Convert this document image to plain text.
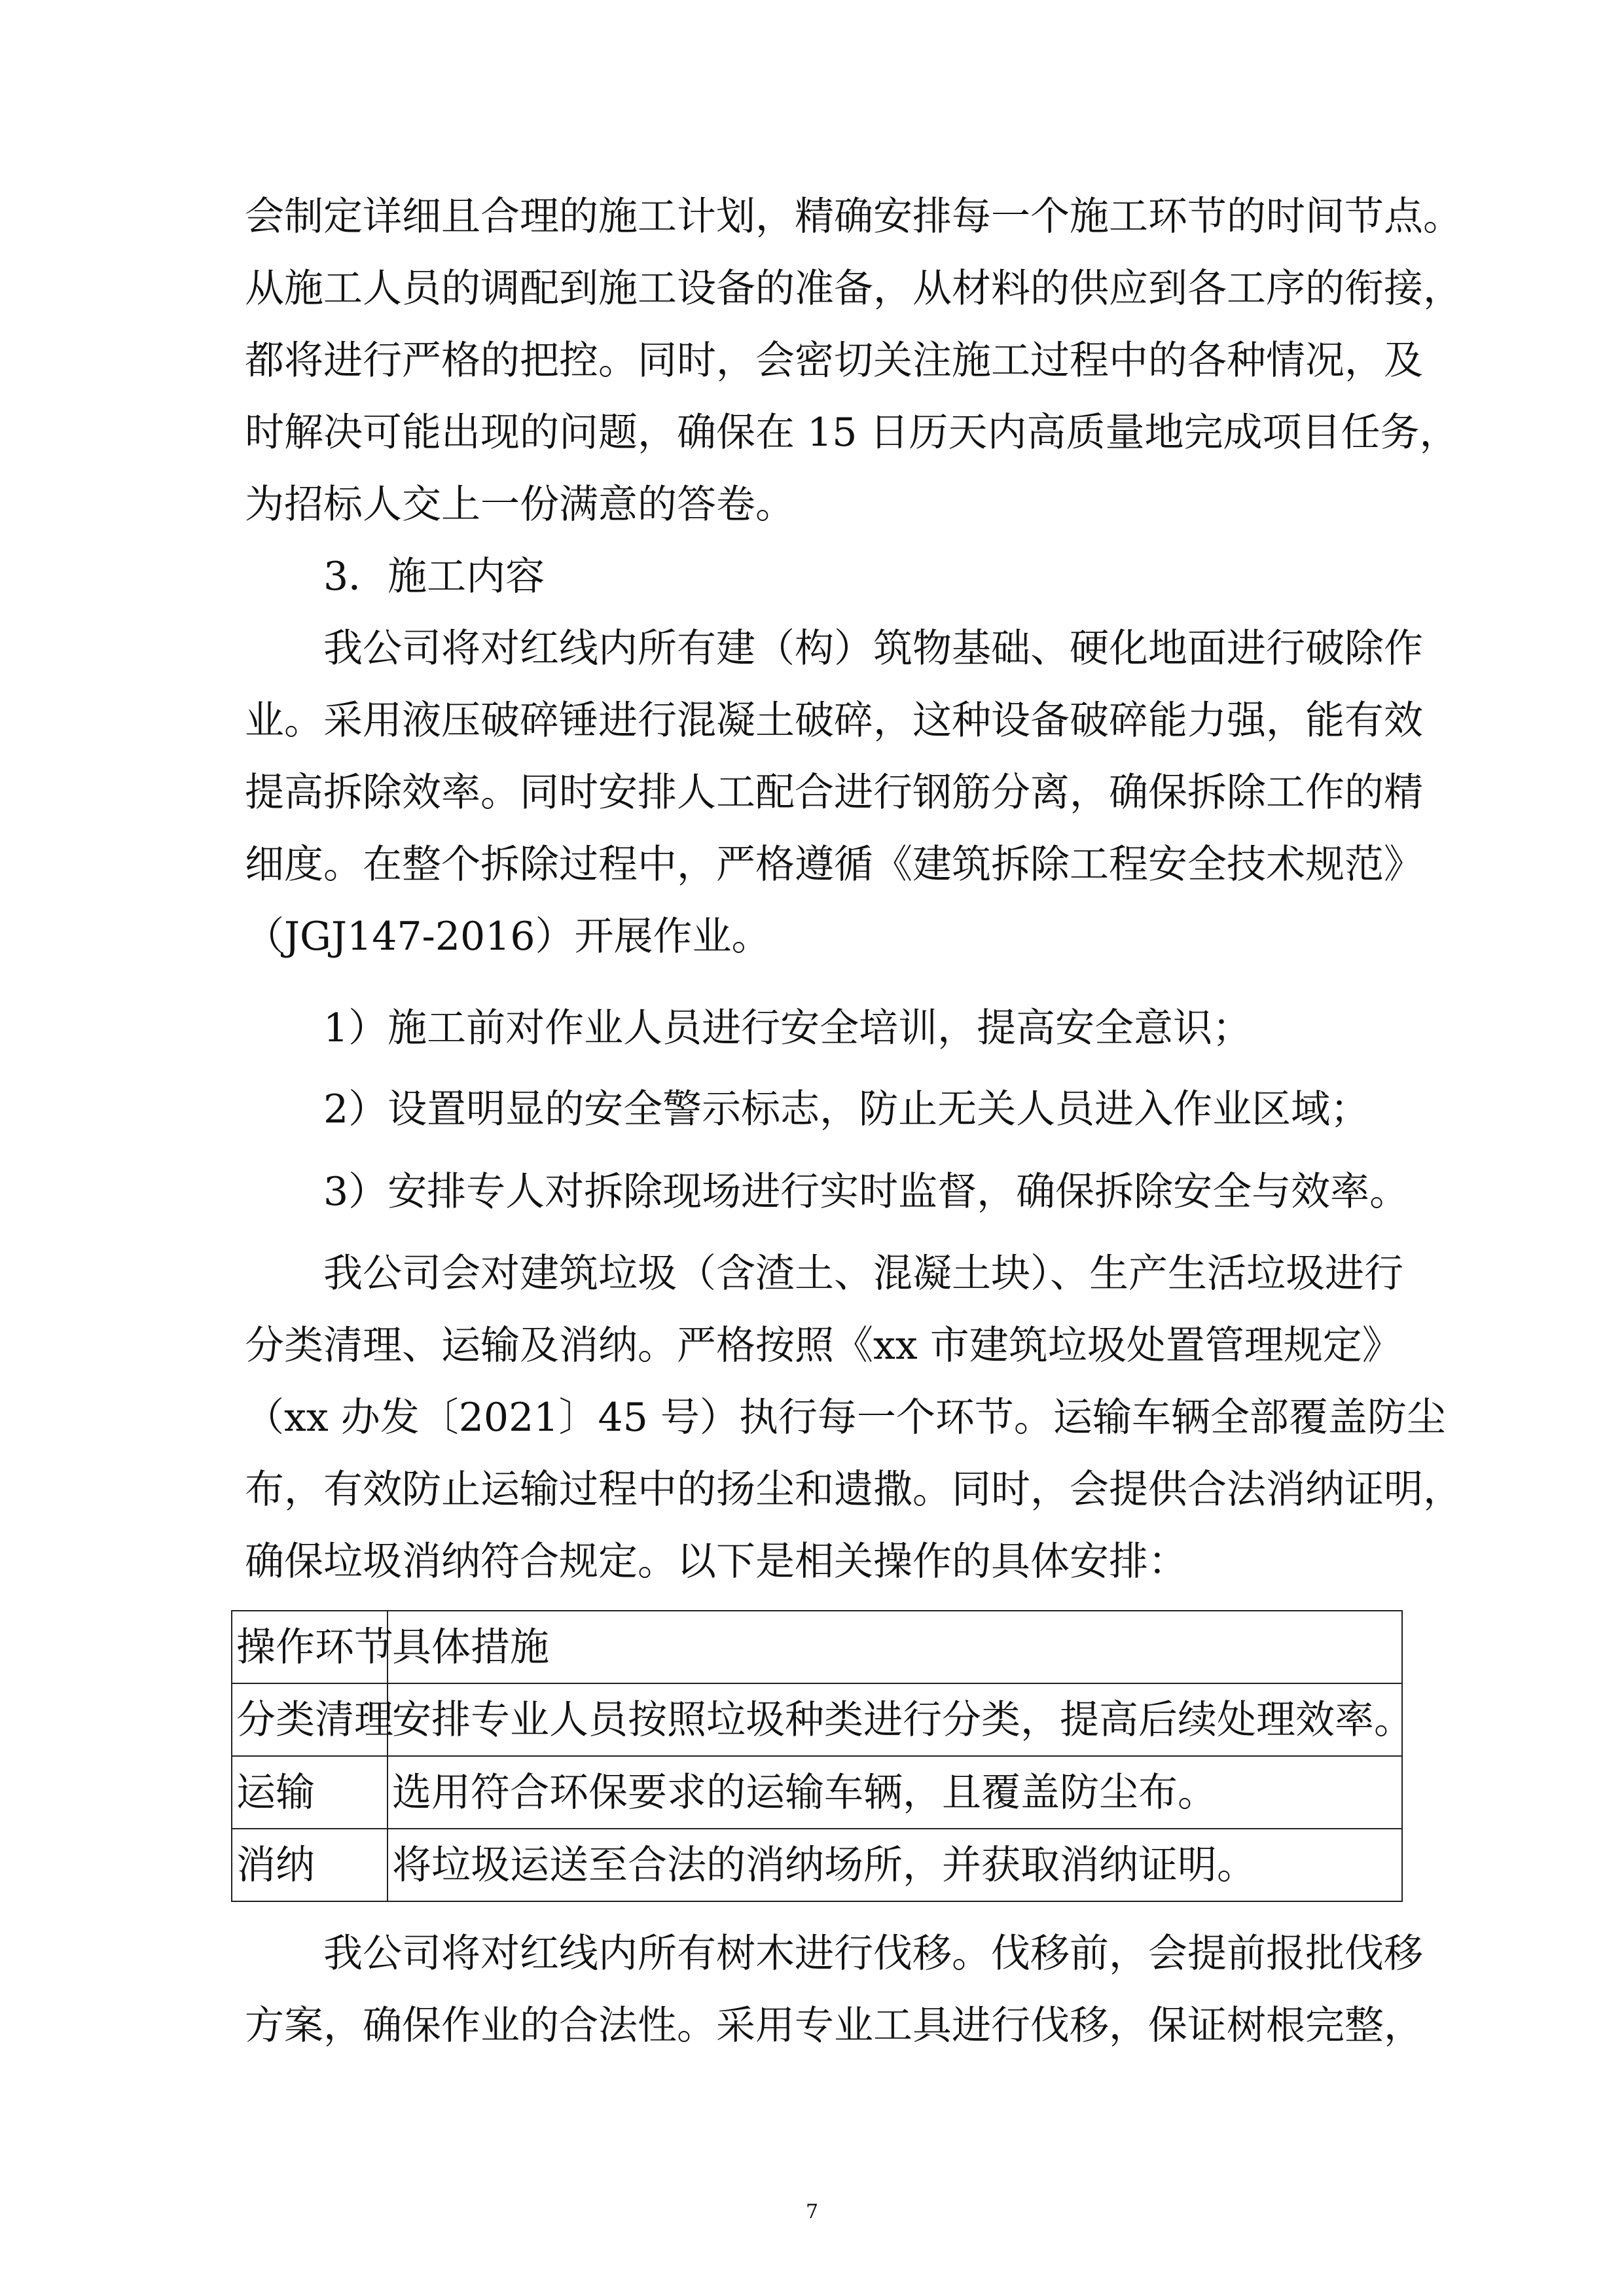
会制定详细且合理的施工计划，精确安排每一个施工环节的时间节点。

从施工人员的调配到施工设备的准备，从材料的供应到各工序的衔接，

都将进行严格的把控。同时，会密切关注施工过程中的各种情况，及

时解决可能出现的问题，确保在 15 日历天内高质量地完成项目任务，

为招标人交上一份满意的答卷。

3．施工内容

我公司将对红线内所有建（构）筑物基础、硬化地面进行破除作

业。采用液压破碎锤进行混凝土破碎，这种设备破碎能力强，能有效

提高拆除效率。同时安排人工配合进行钢筋分离，确保拆除工作的精

细度。在整个拆除过程中，严格遵循《建筑拆除工程安全技术规范》

（JGJ147-2016）开展作业。

1）施工前对作业人员进行安全培训，提高安全意识；

2）设置明显的安全警示标志，防止无关人员进入作业区域；

3）安排专人对拆除现场进行实时监督，确保拆除安全与效率。

我公司会对建筑垃圾（含渣土、混凝土块）、生产生活垃圾进行

分类清理、运输及消纳。严格按照《xx 市建筑垃圾处置管理规定》

（xx 办发〔2021〕45 号）执行每一个环节。运输车辆全部覆盖防尘

布，有效防止运输过程中的扬尘和遗撒。同时，会提供合法消纳证明，

确保垃圾消纳符合规定。以下是相关操作的具体安排：

操作环节	具体措施
分类清理	安排专业人员按照垃圾种类进行分类，提高后续处理效率。
运输	选用符合环保要求的运输车辆，且覆盖防尘布。
消纳	将垃圾运送至合法的消纳场所，并获取消纳证明。

我公司将对红线内所有树木进行伐移。伐移前，会提前报批伐移

方案，确保作业的合法性。采用专业工具进行伐移，保证树根完整，

7
